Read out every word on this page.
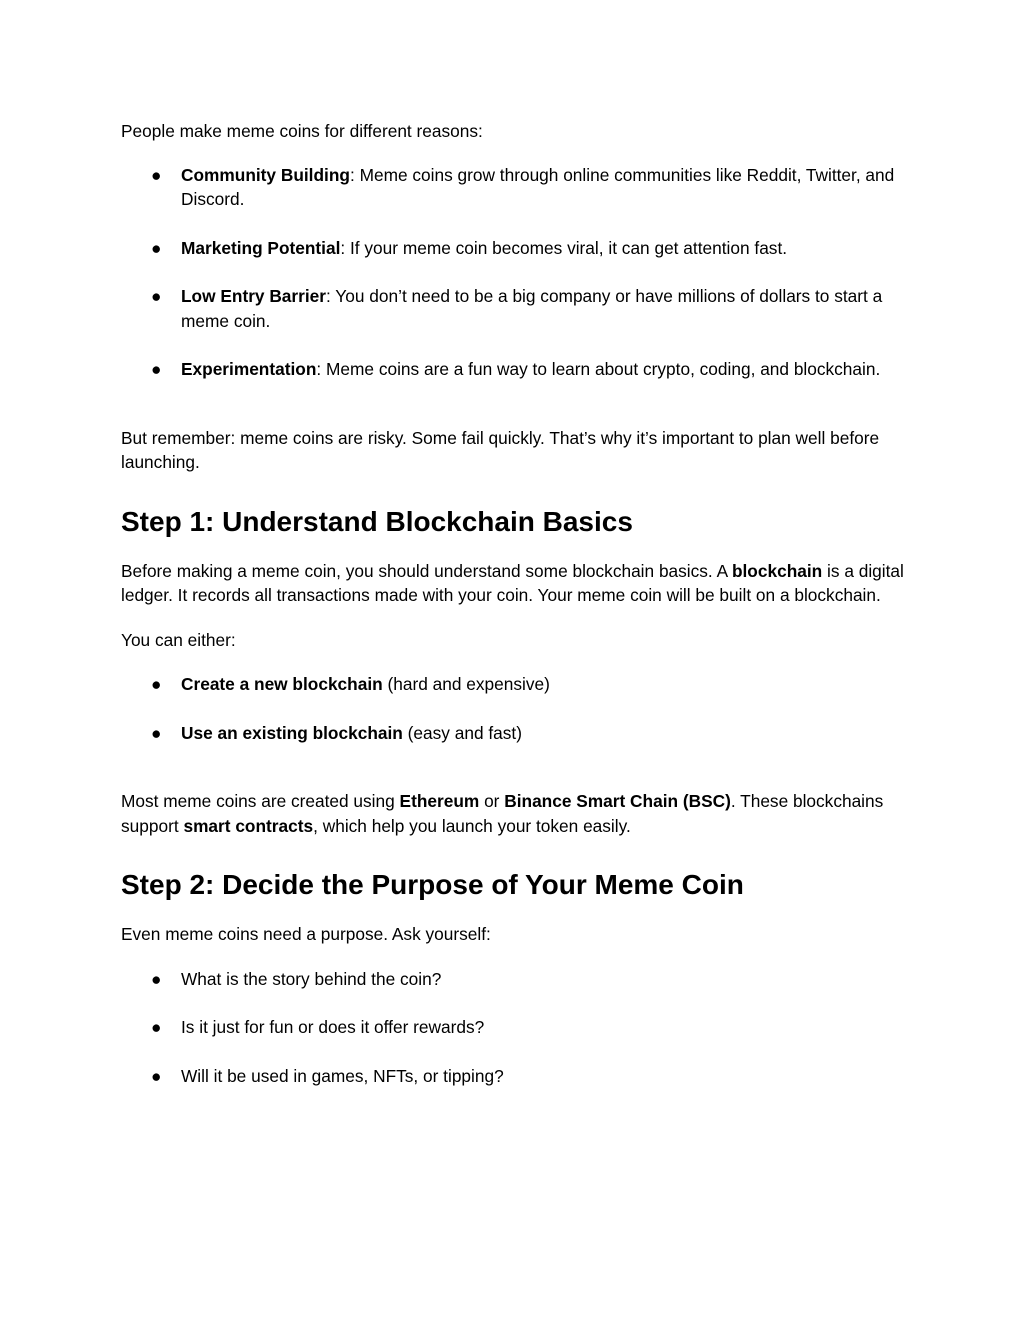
People make meme coins for different reasons:

● Community Building: Meme coins grow through online communities like Reddit, Twitter, and Discord.
● Marketing Potential: If your meme coin becomes viral, it can get attention fast.
● Low Entry Barrier: You don’t need to be a big company or have millions of dollars to start a meme coin.
● Experimentation: Meme coins are a fun way to learn about crypto, coding, and blockchain.

But remember: meme coins are risky. Some fail quickly. That’s why it’s important to plan well before launching.

Step 1: Understand Blockchain Basics

Before making a meme coin, you should understand some blockchain basics. A blockchain is a digital ledger. It records all transactions made with your coin. Your meme coin will be built on a blockchain.

You can either:

● Create a new blockchain (hard and expensive)
● Use an existing blockchain (easy and fast)

Most meme coins are created using Ethereum or Binance Smart Chain (BSC). These blockchains support smart contracts, which help you launch your token easily.

Step 2: Decide the Purpose of Your Meme Coin

Even meme coins need a purpose. Ask yourself:

● What is the story behind the coin?
● Is it just for fun or does it offer rewards?
● Will it be used in games, NFTs, or tipping?
